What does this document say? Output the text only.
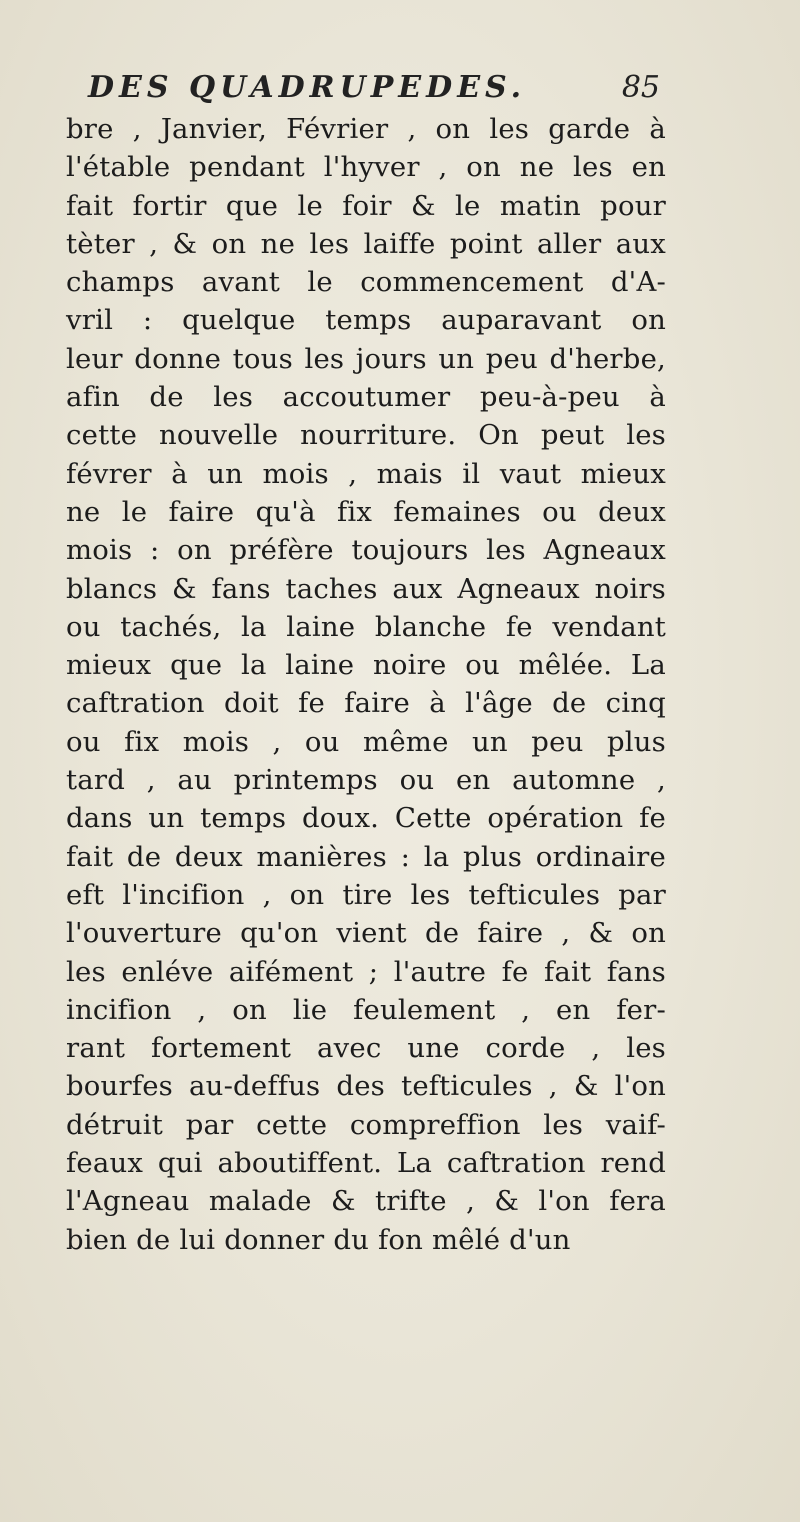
DES QUADRUPEDES.	85
bre , Janvier, Février , on les garde à
l'étable pendant l'hyver , on ne les en
fait fortir que le foir & le matin pour
tèter , & on ne les laiffe point aller aux
champs avant le commencement d'A-
vril : quelque temps auparavant on
leur donne tous les jours un peu d'herbe,
afin de les accoutumer peu-à-peu à
cette nouvelle nourriture. On peut les
févrer à un mois , mais il vaut mieux
ne le faire qu'à fix femaines ou deux
mois : on préfère toujours les Agneaux
blancs & fans taches aux Agneaux noirs
ou tachés, la laine blanche fe vendant
mieux que la laine noire ou mêlée. La
caftration doit fe faire à l'âge de cinq
ou fix mois , ou même un peu plus
tard , au printemps ou en automne ,
dans un temps doux. Cette opération fe
fait de deux manières : la plus ordinaire
eft l'incifion , on tire les tefticules par
l'ouverture qu'on vient de faire , & on
les enléve aifément ; l'autre fe fait fans
incifion , on lie feulement , en fer-
rant fortement avec une corde , les
bourfes au-deffus des tefticules , & l'on
détruit par cette compreffion les vaif-
feaux qui aboutiffent. La caftration rend
l'Agneau malade & trifte , & l'on fera
bien de lui donner du fon mêlé d'un
